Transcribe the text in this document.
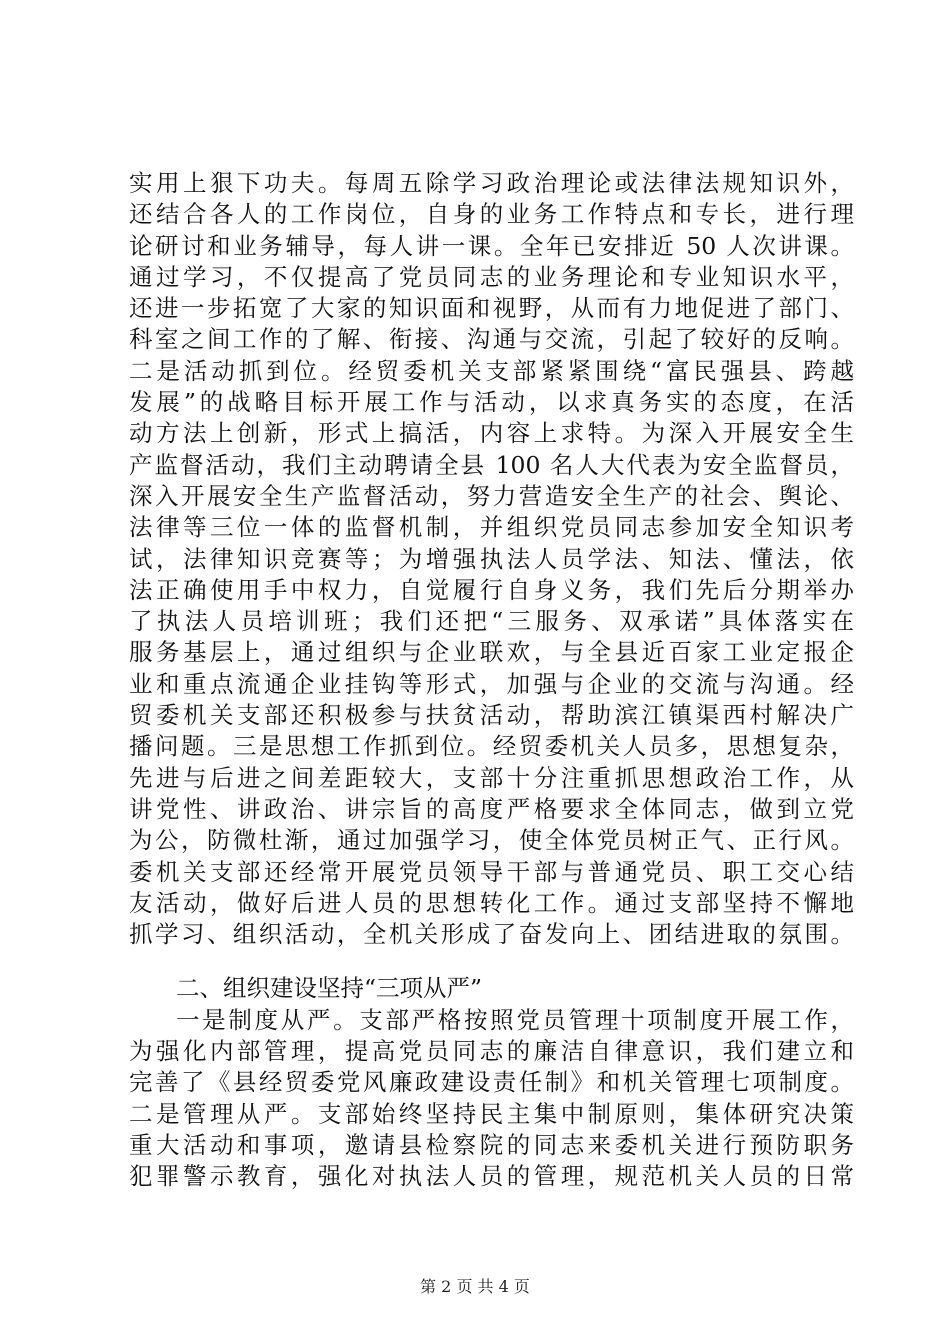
实用上狠下功夫。每周五除学习政治理论或法律法规知识外，
还结合各人的工作岗位，自身的业务工作特点和专长，进行理
论研讨和业务辅导，每人讲一课。全年已安排近 50 人次讲课。
通过学习，不仅提高了党员同志的业务理论和专业知识水平，
还进一步拓宽了大家的知识面和视野，从而有力地促进了部门、
科室之间工作的了解、衔接、沟通与交流，引起了较好的反响。
二是活动抓到位。经贸委机关支部紧紧围绕“富民强县、跨越
发展”的战略目标开展工作与活动，以求真务实的态度，在活
动方法上创新，形式上搞活，内容上求特。为深入开展安全生
产监督活动，我们主动聘请全县 100 名人大代表为安全监督员，
深入开展安全生产监督活动，努力营造安全生产的社会、舆论、
法律等三位一体的监督机制，并组织党员同志参加安全知识考
试，法律知识竞赛等；为增强执法人员学法、知法、懂法，依
法正确使用手中权力，自觉履行自身义务，我们先后分期举办
了执法人员培训班；我们还把“三服务、双承诺”具体落实在
服务基层上，通过组织与企业联欢，与全县近百家工业定报企
业和重点流通企业挂钩等形式，加强与企业的交流与沟通。经
贸委机关支部还积极参与扶贫活动，帮助滨江镇渠西村解决广
播问题。三是思想工作抓到位。经贸委机关人员多，思想复杂，
先进与后进之间差距较大，支部十分注重抓思想政治工作，从
讲党性、讲政治、讲宗旨的高度严格要求全体同志，做到立党
为公，防微杜渐，通过加强学习，使全体党员树正气、正行风。
委机关支部还经常开展党员领导干部与普通党员、职工交心结
友活动，做好后进人员的思想转化工作。通过支部坚持不懈地
抓学习、组织活动，全机关形成了奋发向上、团结进取的氛围。
二、组织建设坚持“三项从严”
一是制度从严。支部严格按照党员管理十项制度开展工作，
为强化内部管理，提高党员同志的廉洁自律意识，我们建立和
完善了《县经贸委党风廉政建设责任制》和机关管理七项制度。
二是管理从严。支部始终坚持民主集中制原则，集体研究决策
重大活动和事项，邀请县检察院的同志来委机关进行预防职务
犯罪警示教育，强化对执法人员的管理，规范机关人员的日常
第 2 页 共 4 页
